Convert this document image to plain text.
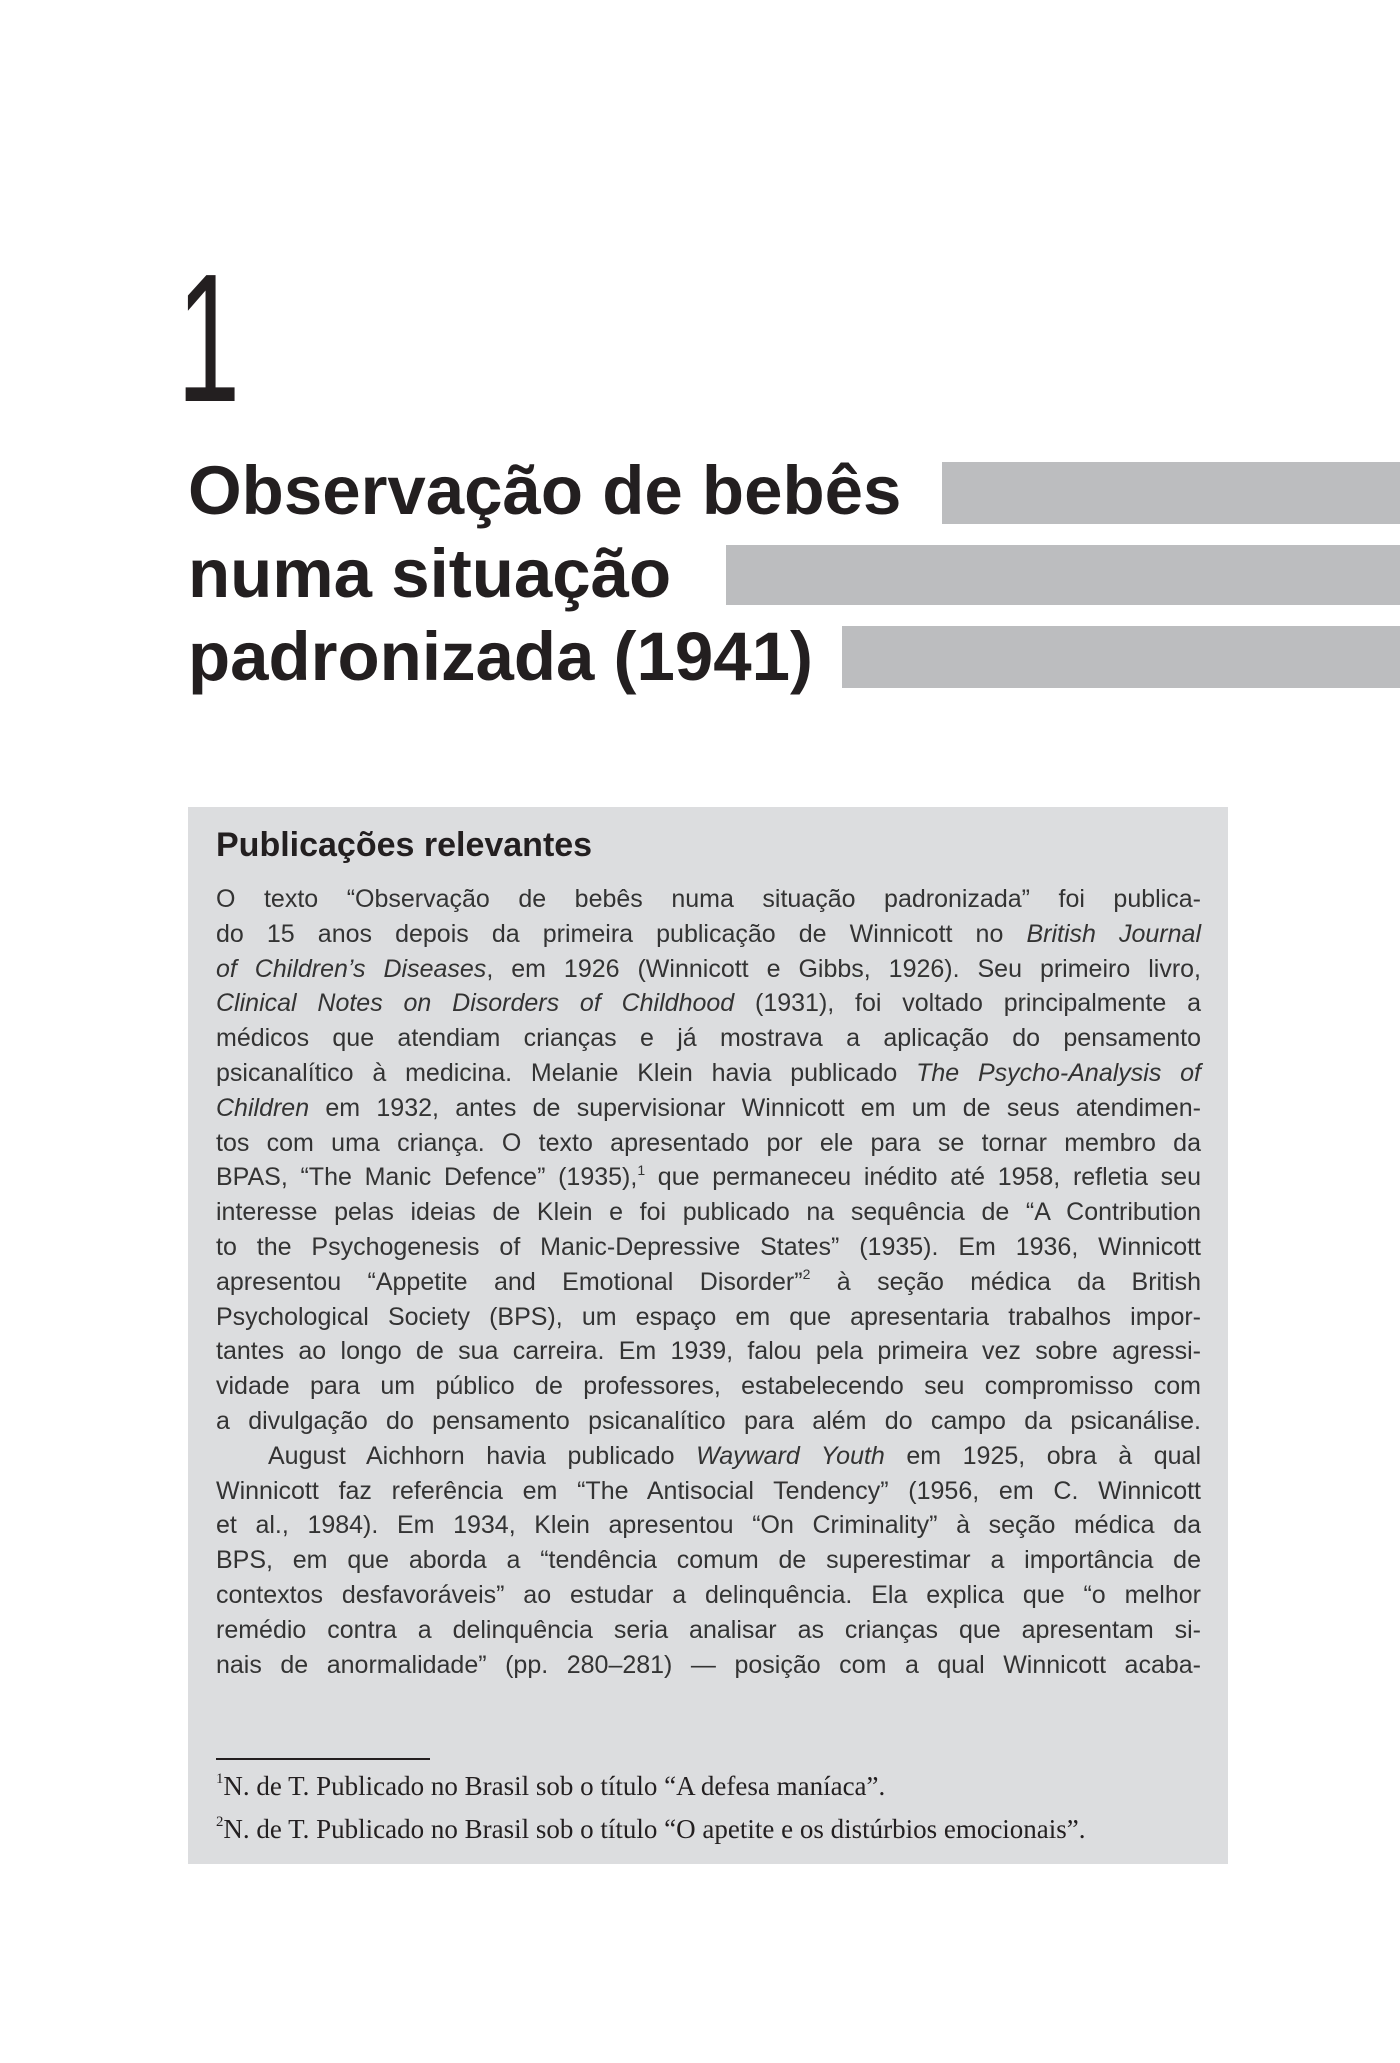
1
Observação de bebês
numa situação
padronizada (1941)
Publicações relevantes
O texto “Observação de bebês numa situação padronizada” foi publica-
do 15 anos depois da primeira publicação de Winnicott no British Journal
of Children’s Diseases, em 1926 (Winnicott e Gibbs, 1926). Seu primeiro livro,
Clinical Notes on Disorders of Childhood (1931), foi voltado principalmente a
médicos que atendiam crianças e já mostrava a aplicação do pensamento
psicanalítico à medicina. Melanie Klein havia publicado The Psycho-Analysis of
Children em 1932, antes de supervisionar Winnicott em um de seus atendimen-
tos com uma criança. O texto apresentado por ele para se tornar membro da
BPAS, “The Manic Defence” (1935),$^1$ que permaneceu inédito até 1958, refletia seu
interesse pelas ideias de Klein e foi publicado na sequência de “A Contribution
to the Psychogenesis of Manic-Depressive States” (1935). Em 1936, Winnicott
apresentou “Appetite and Emotional Disorder”$^2$ à seção médica da British
Psychological Society (BPS), um espaço em que apresentaria trabalhos impor-
tantes ao longo de sua carreira. Em 1939, falou pela primeira vez sobre agressi-
vidade para um público de professores, estabelecendo seu compromisso com
a divulgação do pensamento psicanalítico para além do campo da psicanálise.
August Aichhorn havia publicado Wayward Youth em 1925, obra à qual
Winnicott faz referência em “The Antisocial Tendency” (1956, em C. Winnicott
et al., 1984). Em 1934, Klein apresentou “On Criminality” à seção médica da
BPS, em que aborda a “tendência comum de superestimar a importância de
contextos desfavoráveis” ao estudar a delinquência. Ela explica que “o melhor
remédio contra a delinquência seria analisar as crianças que apresentam si-
nais de anormalidade” (pp. 280–281) — posição com a qual Winnicott acaba-
$^1$N. de T. Publicado no Brasil sob o título “A defesa maníaca”.
$^2$N. de T. Publicado no Brasil sob o título “O apetite e os distúrbios emocionais”.
